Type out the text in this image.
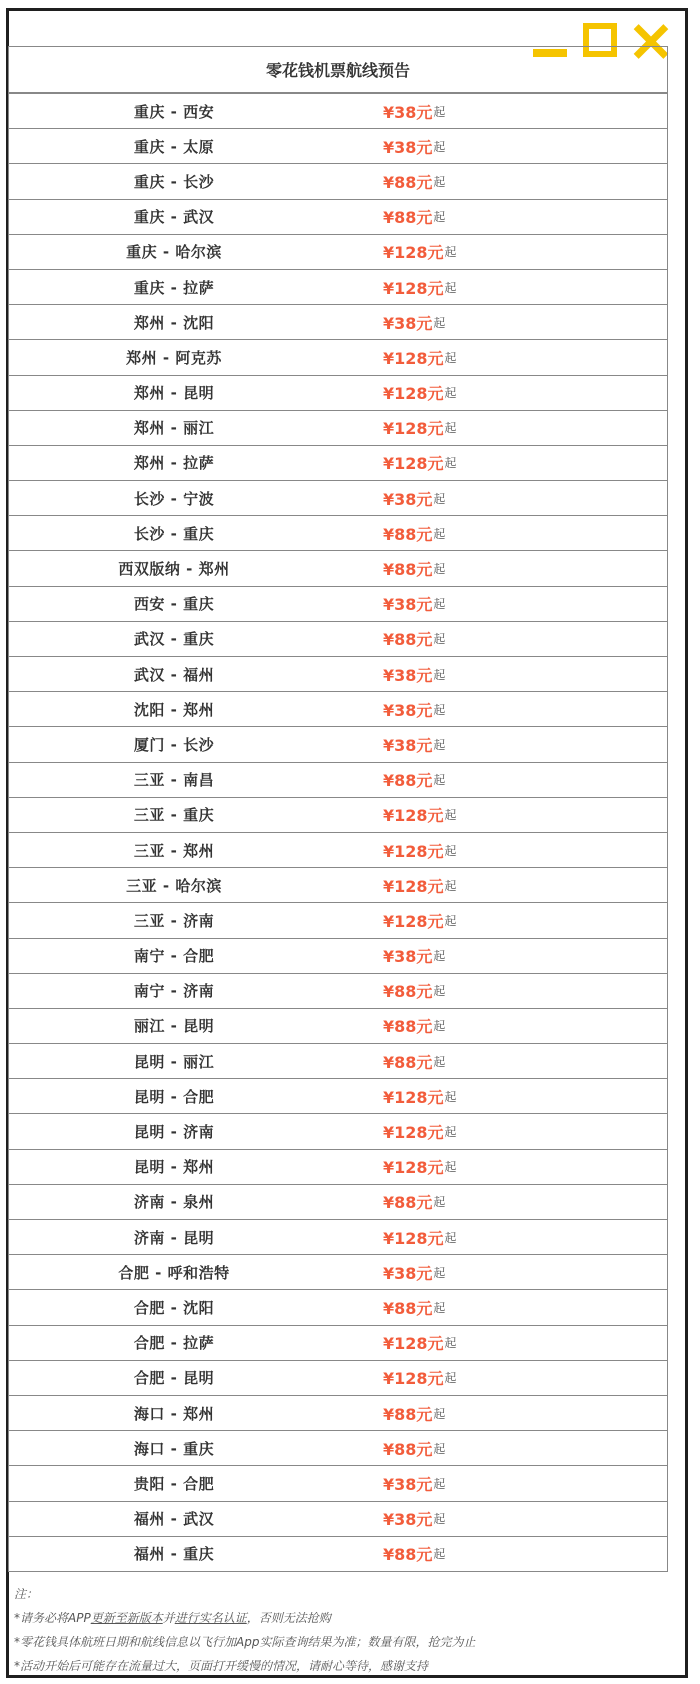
零花钱机票航线预告
重庆 - 西安	¥38元 起
重庆 - 太原	¥38元 起
重庆 - 长沙	¥88元 起
重庆 - 武汉	¥88元 起
重庆 - 哈尔滨	¥128元 起
重庆 - 拉萨	¥128元 起
郑州 - 沈阳	¥38元 起
郑州 - 阿克苏	¥128元 起
郑州 - 昆明	¥128元 起
郑州 - 丽江	¥128元 起
郑州 - 拉萨	¥128元 起
长沙 - 宁波	¥38元 起
长沙 - 重庆	¥88元 起
西双版纳 - 郑州	¥88元 起
西安 - 重庆	¥38元 起
武汉 - 重庆	¥88元 起
武汉 - 福州	¥38元 起
沈阳 - 郑州	¥38元 起
厦门 - 长沙	¥38元 起
三亚 - 南昌	¥88元 起
三亚 - 重庆	¥128元 起
三亚 - 郑州	¥128元 起
三亚 - 哈尔滨	¥128元 起
三亚 - 济南	¥128元 起
南宁 - 合肥	¥38元 起
南宁 - 济南	¥88元 起
丽江 - 昆明	¥88元 起
昆明 - 丽江	¥88元 起
昆明 - 合肥	¥128元 起
昆明 - 济南	¥128元 起
昆明 - 郑州	¥128元 起
济南 - 泉州	¥88元 起
济南 - 昆明	¥128元 起
合肥 - 呼和浩特	¥38元 起
合肥 - 沈阳	¥88元 起
合肥 - 拉萨	¥128元 起
合肥 - 昆明	¥128元 起
海口 - 郑州	¥88元 起
海口 - 重庆	¥88元 起
贵阳 - 合肥	¥38元 起
福州 - 武汉	¥38元 起
福州 - 重庆	¥88元 起
注：
*请务必将APP更新至新版本并进行实名认证，否则无法抢购
*零花钱具体航班日期和航线信息以飞行加App实际查询结果为准；数量有限，抢完为止
*活动开始后可能存在流量过大，页面打开缓慢的情况，请耐心等待，感谢支持
